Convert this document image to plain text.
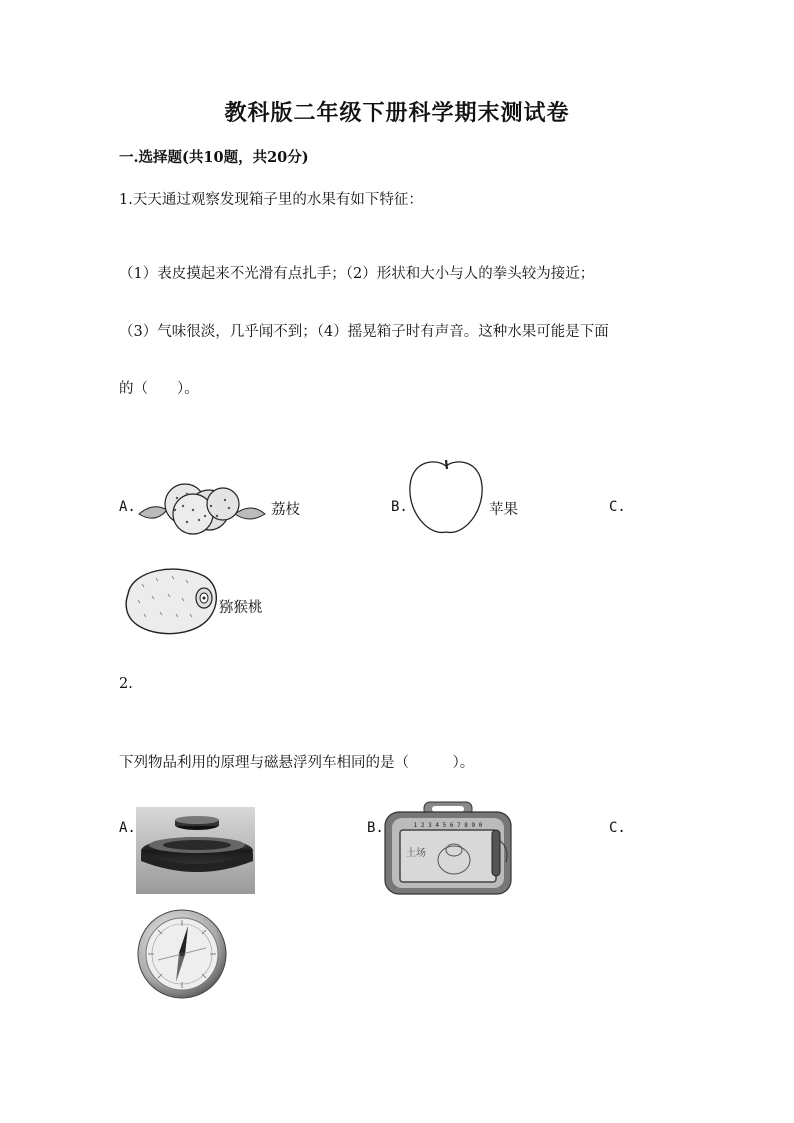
教科版二年级下册科学期末测试卷
一.选择题(共10题，共20分)
1.天天通过观察发现箱子里的水果有如下特征：
（1）表皮摸起来不光滑有点扎手；（2）形状和大小与人的拳头较为接近；
（3）气味很淡，几乎闻不到；（4）摇晃箱子时有声音。这种水果可能是下面
的（　　）。
A.	荔枝	B.	苹果	C.
猕猴桃
2.
下列物品利用的原理与磁悬浮列车相同的是（　　　）。
A.	B.	1 2 3 4 5 6 7 8 9 0
土场
C.
